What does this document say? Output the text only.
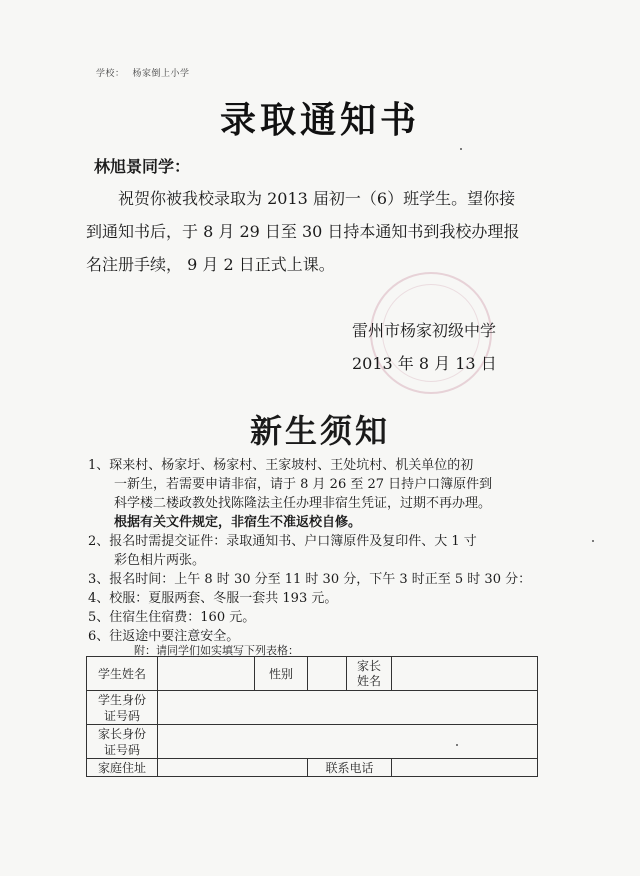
学校： 杨家倒上小学
录取通知书
林旭景同学：

祝贺你被我校录取为 2013 届初一（6）班学生。望你接

到通知书后，于 8 月 29 日至 30 日持本通知书到我校办理报

名注册手续， 9 月 2 日正式上课。

雷州市杨家初级中学
2013 年 8 月 13 日
新生须知

1、琛来村、杨家圩、杨家村、王家坡村、王处坑村、机关单位的初

一新生，若需要申请非宿，请于 8 月 26 至 27 日持户口簿原件到

科学楼二楼政教处找陈隆法主任办理非宿生凭证，过期不再办理。

根据有关文件规定，非宿生不准返校自修。

2、报名时需提交证件：录取通知书、户口簿原件及复印件、大 1 寸

彩色相片两张。

3、报名时间：上午 8 时 30 分至 11 时 30 分，下午 3 时正至 5 时 30 分：

4、校服：夏服两套、冬服一套共 193 元。

5、住宿生住宿费：160 元。

6、往返途中要注意安全。

附：请同学们如实填写下列表格：
学生姓名		性别		家长姓名	
学生身份证号码					
家长身份证号码					
家庭住址			联系电话		
